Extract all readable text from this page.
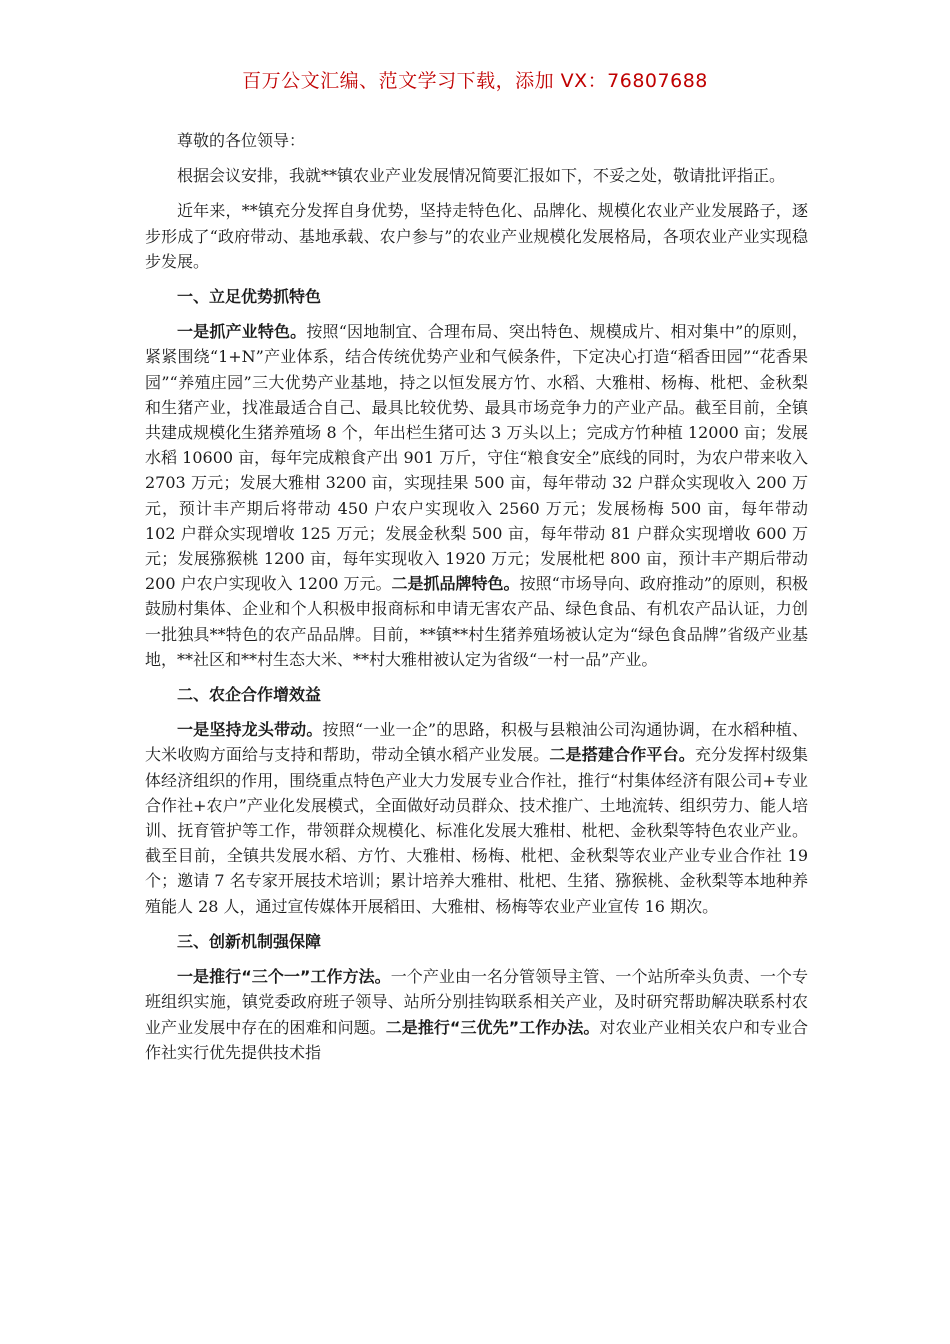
百万公文汇编、范文学习下载，添加 VX：76807688

尊敬的各位领导：

根据会议安排，我就**镇农业产业发展情况简要汇报如下，不妥之处，敬请批评指正。

近年来，**镇充分发挥自身优势，坚持走特色化、品牌化、规模化农业产业发展路子，逐步形成了“政府带动、基地承载、农户参与”的农业产业规模化发展格局，各项农业产业实现稳步发展。

一、立足优势抓特色

一是抓产业特色。按照“因地制宜、合理布局、突出特色、规模成片、相对集中”的原则，紧紧围绕“1+N”产业体系，结合传统优势产业和气候条件，下定决心打造“稻香田园”“花香果园”“养殖庄园”三大优势产业基地，持之以恒发展方竹、水稻、大雅柑、杨梅、枇杷、金秋梨和生猪产业，找准最适合自己、最具比较优势、最具市场竞争力的产业产品。截至目前，全镇共建成规模化生猪养殖场 8 个，年出栏生猪可达 3 万头以上；完成方竹种植 12000 亩；发展水稻 10600 亩，每年完成粮食产出 901 万斤，守住“粮食安全”底线的同时，为农户带来收入 2703 万元；发展大雅柑 3200 亩，实现挂果 500 亩，每年带动 32 户群众实现收入 200 万元，预计丰产期后将带动 450 户农户实现收入 2560 万元；发展杨梅 500 亩，每年带动 102 户群众实现增收 125 万元；发展金秋梨 500 亩，每年带动 81 户群众实现增收 600 万元；发展猕猴桃 1200 亩，每年实现收入 1920 万元；发展枇杷 800 亩，预计丰产期后带动 200 户农户实现收入 1200 万元。二是抓品牌特色。按照“市场导向、政府推动”的原则，积极鼓励村集体、企业和个人积极申报商标和申请无害农产品、绿色食品、有机农产品认证，力创一批独具**特色的农产品品牌。目前，**镇**村生猪养殖场被认定为“绿色食品牌”省级产业基地，**社区和**村生态大米、**村大雅柑被认定为省级“一村一品”产业。

二、农企合作增效益

一是坚持龙头带动。按照“一业一企”的思路，积极与县粮油公司沟通协调，在水稻种植、大米收购方面给与支持和帮助，带动全镇水稻产业发展。二是搭建合作平台。充分发挥村级集体经济组织的作用，围绕重点特色产业大力发展专业合作社，推行“村集体经济有限公司+专业合作社+农户”产业化发展模式，全面做好动员群众、技术推广、土地流转、组织劳力、能人培训、抚育管护等工作，带领群众规模化、标准化发展大雅柑、枇杷、金秋梨等特色农业产业。截至目前，全镇共发展水稻、方竹、大雅柑、杨梅、枇杷、金秋梨等农业产业专业合作社 19 个；邀请 7 名专家开展技术培训；累计培养大雅柑、枇杷、生猪、猕猴桃、金秋梨等本地种养殖能人 28 人，通过宣传媒体开展稻田、大雅柑、杨梅等农业产业宣传 16 期次。

三、创新机制强保障

一是推行“三个一”工作方法。一个产业由一名分管领导主管、一个站所牵头负责、一个专班组织实施，镇党委政府班子领导、站所分别挂钩联系相关产业，及时研究帮助解决联系村农业产业发展中存在的困难和问题。二是推行“三优先”工作办法。对农业产业相关农户和专业合作社实行优先提供技术指
